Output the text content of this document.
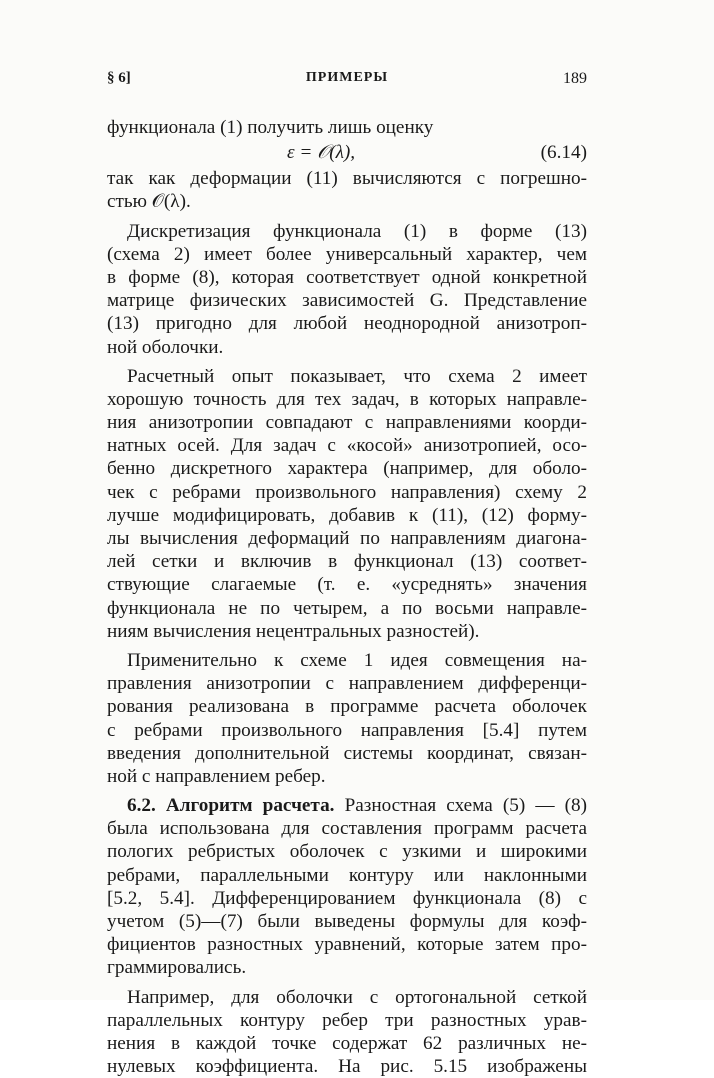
§ 6]	ПРИМЕРЫ	189
функционала (1) получить лишь оценку
ε = 𝒪(λ),	(6.14)
так как деформации (11) вычисляются с погрешно-
стью 𝒪(λ).
Дискретизация функционала (1) в форме (13)
(схема 2) имеет более универсальный характер, чем
в форме (8), которая соответствует одной конкретной
матрице физических зависимостей G. Представление
(13) пригодно для любой неоднородной анизотроп-
ной оболочки.
Расчетный опыт показывает, что схема 2 имеет
хорошую точность для тех задач, в которых направле-
ния анизотропии совпадают с направлениями коорди-
натных осей. Для задач с «косой» анизотропией, осо-
бенно дискретного характера (например, для оболо-
чек с ребрами произвольного направления) схему 2
лучше модифицировать, добавив к (11), (12) форму-
лы вычисления деформаций по направлениям диагона-
лей сетки и включив в функционал (13) соответ-
ствующие слагаемые (т. е. «усреднять» значения
функционала не по четырем, а по восьми направле-
ниям вычисления нецентральных разностей).
Применительно к схеме 1 идея совмещения на-
правления анизотропии с направлением дифференци-
рования реализована в программе расчета оболочек
с ребрами произвольного направления [5.4] путем
введения дополнительной системы координат, связан-
ной с направлением ребер.
6.2. Алгоритм расчета. Разностная схема (5) — (8)
была использована для составления программ расчета
пологих ребристых оболочек с узкими и широкими
ребрами, параллельными контуру или наклонными
[5.2, 5.4]. Дифференцированием функционала (8) с
учетом (5)—(7) были выведены формулы для коэф-
фициентов разностных уравнений, которые затем про-
граммировались.
Например, для оболочки с ортогональной сеткой
параллельных контуру ребер три разностных урав-
нения в каждой точке содержат 62 различных не-
нулевых коэффициента. На рис. 5.15 изображены
